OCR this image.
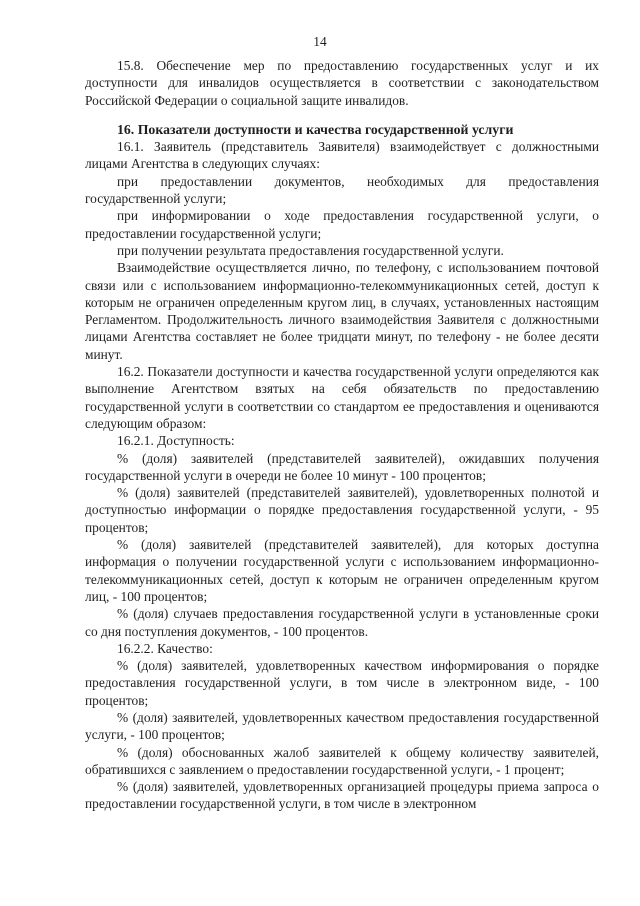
14

15.8. Обеспечение мер по предоставлению государственных услуг и их доступности для инвалидов осуществляется в соответствии с законодательством Российской Федерации о социальной защите инвалидов.

16. Показатели доступности и качества государственной услуги

16.1. Заявитель (представитель Заявителя) взаимодействует с должностными лицами Агентства в следующих случаях:

при предоставлении документов, необходимых для предоставления государственной услуги;

при информировании о ходе предоставления государственной услуги, о предоставлении государственной услуги;

при получении результата предоставления государственной услуги.

Взаимодействие осуществляется лично, по телефону, с использованием почтовой связи или с использованием информационно-телекоммуникационных сетей, доступ к которым не ограничен определенным кругом лиц, в случаях, установленных настоящим Регламентом. Продолжительность личного взаимодействия Заявителя с должностными лицами Агентства составляет не более тридцати минут, по телефону - не более десяти минут.

16.2. Показатели доступности и качества государственной услуги определяются как выполнение Агентством взятых на себя обязательств по предоставлению государственной услуги в соответствии со стандартом ее предоставления и оцениваются следующим образом:

16.2.1. Доступность:

% (доля) заявителей (представителей заявителей), ожидавших получения государственной услуги в очереди не более 10 минут - 100 процентов;

% (доля) заявителей (представителей заявителей), удовлетворенных полнотой и доступностью информации о порядке предоставления государственной услуги, - 95 процентов;

% (доля) заявителей (представителей заявителей), для которых доступна информация о получении государственной услуги с использованием информационно-телекоммуникационных сетей, доступ к которым не ограничен определенным кругом лиц, - 100 процентов;

% (доля) случаев предоставления государственной услуги в установленные сроки со дня поступления документов, - 100 процентов.

16.2.2. Качество:

% (доля) заявителей, удовлетворенных качеством информирования о порядке предоставления государственной услуги, в том числе в электронном виде, - 100 процентов;

% (доля) заявителей, удовлетворенных качеством предоставления государственной услуги, - 100 процентов;

% (доля) обоснованных жалоб заявителей к общему количеству заявителей, обратившихся с заявлением о предоставлении государственной услуги, - 1 процент;

% (доля) заявителей, удовлетворенных организацией процедуры приема запроса о предоставлении государственной услуги, в том числе в электронном
